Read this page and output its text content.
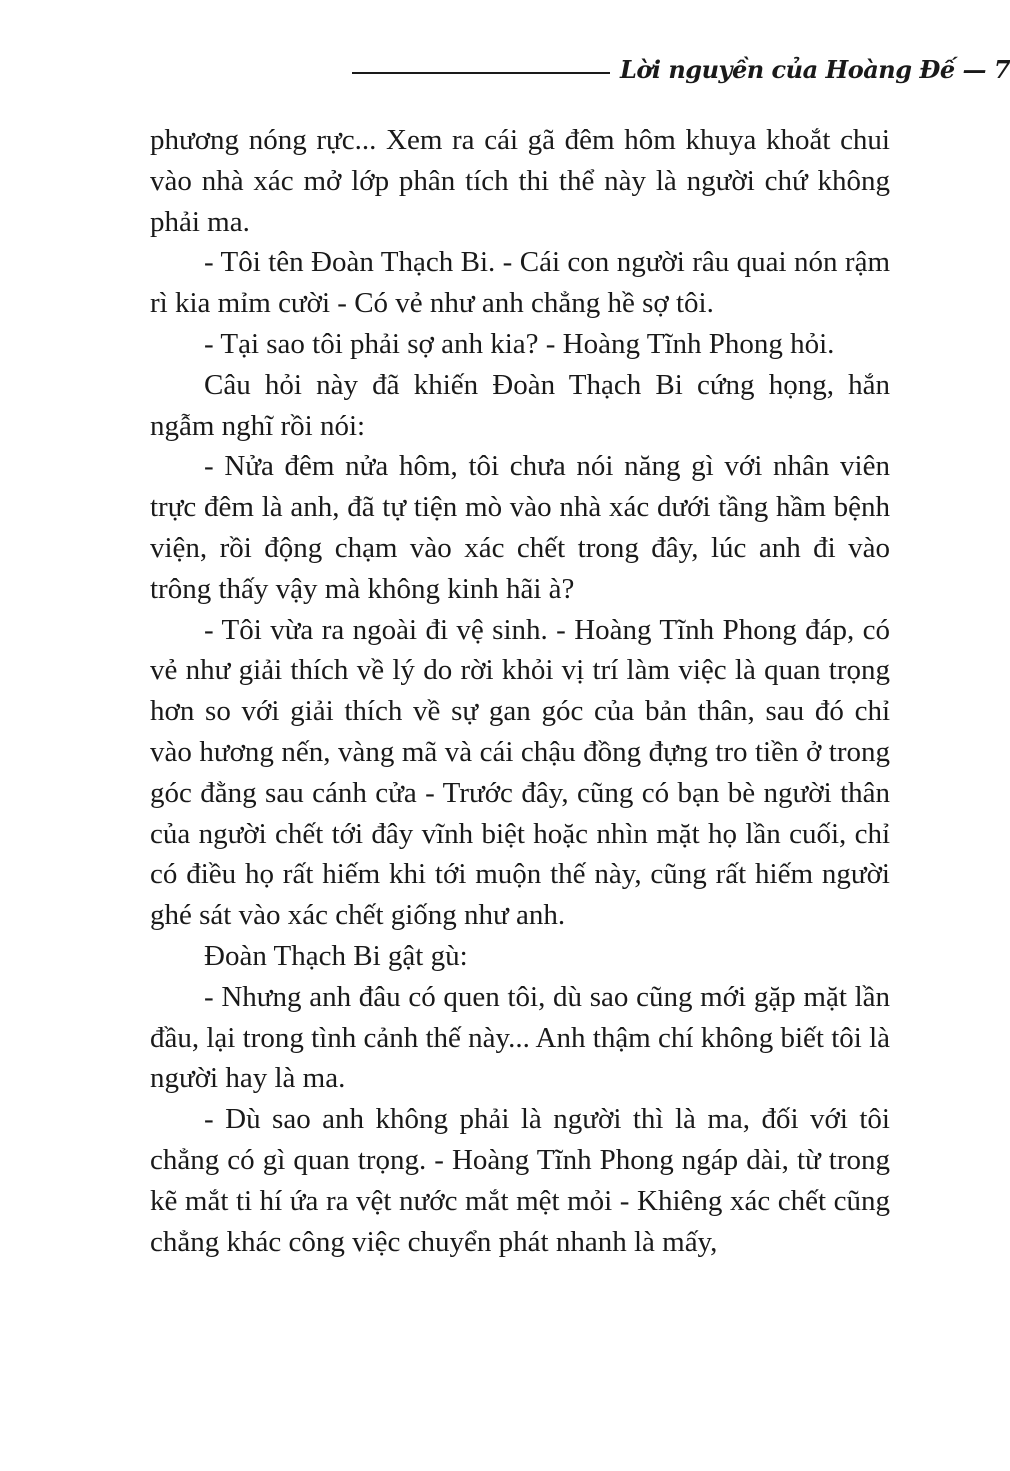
Lời nguyền của Hoàng Đế — 7

phương nóng rực... Xem ra cái gã đêm hôm khuya khoắt chui vào nhà xác mở lớp phân tích thi thể này là người chứ không phải ma.

- Tôi tên Đoàn Thạch Bi. - Cái con người râu quai nón rậm rì kia mỉm cười - Có vẻ như anh chẳng hề sợ tôi.

- Tại sao tôi phải sợ anh kia? - Hoàng Tĩnh Phong hỏi.

Câu hỏi này đã khiến Đoàn Thạch Bi cứng họng, hắn ngẫm nghĩ rồi nói:

- Nửa đêm nửa hôm, tôi chưa nói năng gì với nhân viên trực đêm là anh, đã tự tiện mò vào nhà xác dưới tầng hầm bệnh viện, rồi động chạm vào xác chết trong đây, lúc anh đi vào trông thấy vậy mà không kinh hãi à?

- Tôi vừa ra ngoài đi vệ sinh. - Hoàng Tĩnh Phong đáp, có vẻ như giải thích về lý do rời khỏi vị trí làm việc là quan trọng hơn so với giải thích về sự gan góc của bản thân, sau đó chỉ vào hương nến, vàng mã và cái chậu đồng đựng tro tiền ở trong góc đằng sau cánh cửa - Trước đây, cũng có bạn bè người thân của người chết tới đây vĩnh biệt hoặc nhìn mặt họ lần cuối, chỉ có điều họ rất hiếm khi tới muộn thế này, cũng rất hiếm người ghé sát vào xác chết giống như anh.

Đoàn Thạch Bi gật gù:

- Nhưng anh đâu có quen tôi, dù sao cũng mới gặp mặt lần đầu, lại trong tình cảnh thế này... Anh thậm chí không biết tôi là người hay là ma.

- Dù sao anh không phải là người thì là ma, đối với tôi chẳng có gì quan trọng. - Hoàng Tĩnh Phong ngáp dài, từ trong kẽ mắt ti hí ứa ra vệt nước mắt mệt mỏi - Khiêng xác chết cũng chẳng khác công việc chuyển phát nhanh là mấy,
